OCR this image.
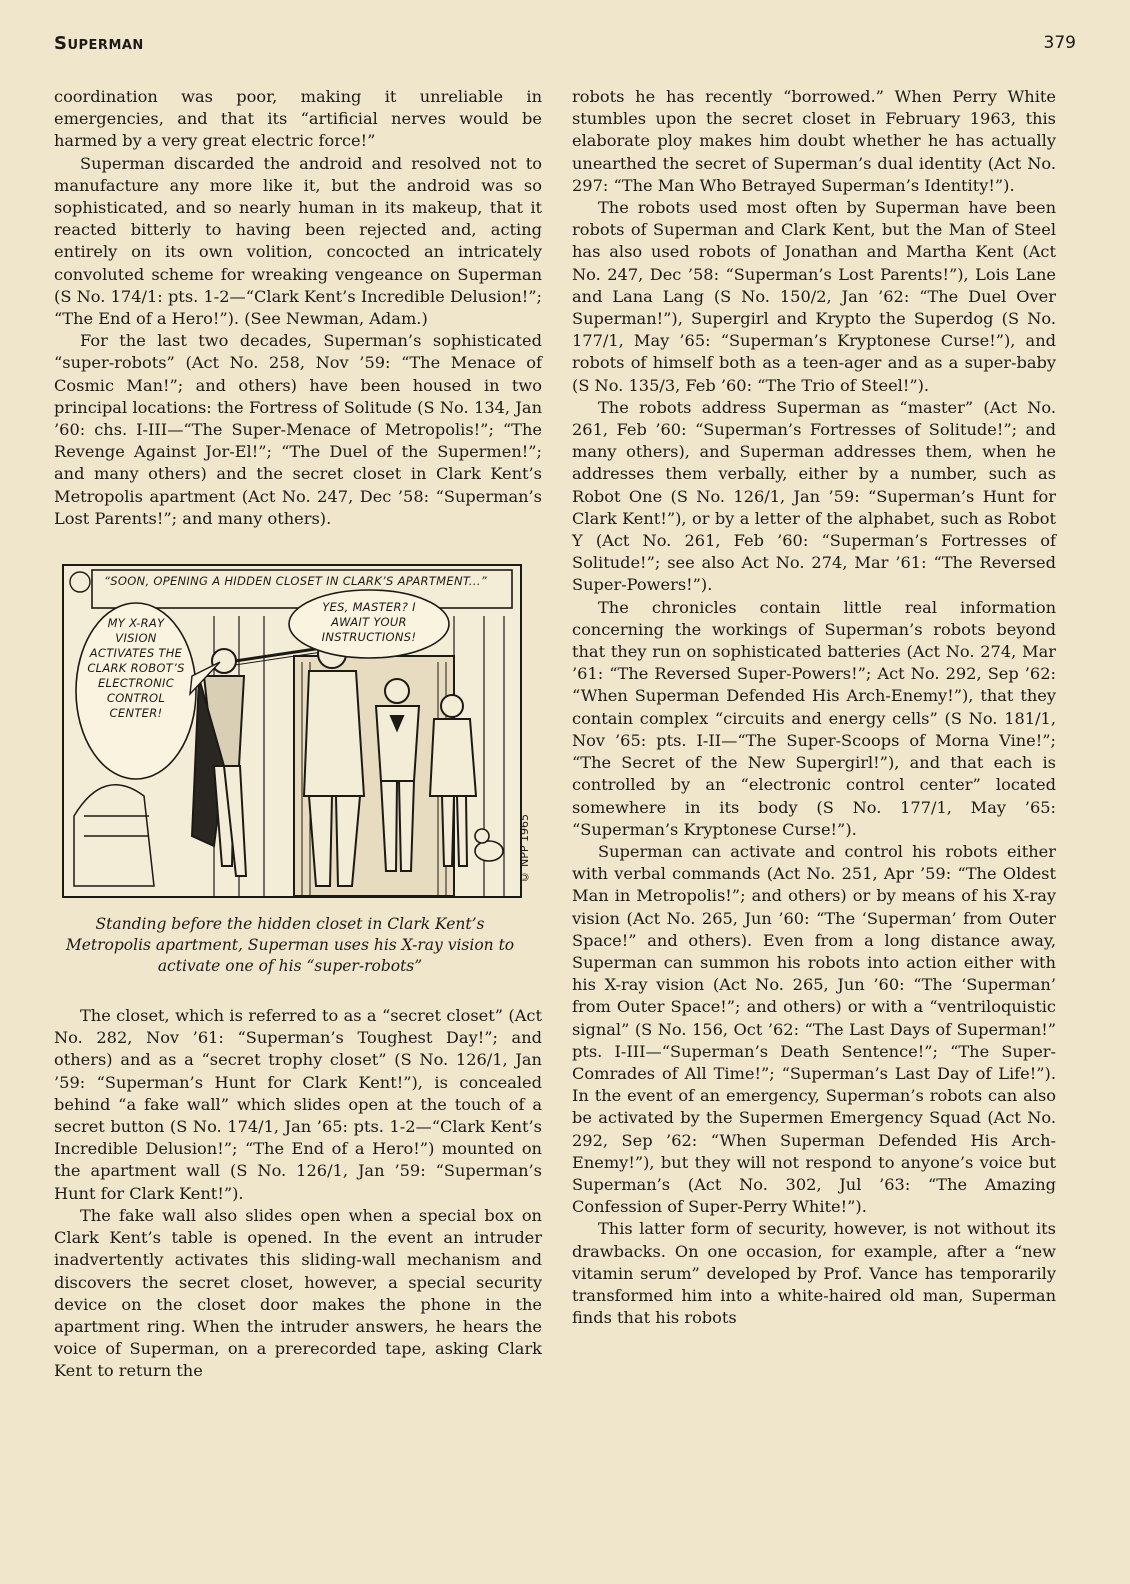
Superman	379

coordination was poor, making it unreliable in emergencies, and that its “artificial nerves would be harmed by a very great electric force!”

Superman discarded the android and resolved not to manufacture any more like it, but the android was so sophisticated, and so nearly human in its makeup, that it reacted bitterly to having been rejected and, acting entirely on its own volition, concocted an intricately convoluted scheme for wreaking vengeance on Superman (S No. 174/1: pts. 1-2—“Clark Kent’s Incredible Delusion!”; “The End of a Hero!”). (See Newman, Adam.)

For the last two decades, Superman’s sophisticated “super-robots” (Act No. 258, Nov ’59: “The Menace of Cosmic Man!”; and others) have been housed in two principal locations: the Fortress of Solitude (S No. 134, Jan ’60: chs. I-III—“The Super-Menace of Metropolis!”; “The Revenge Against Jor-El!”; “The Duel of the Supermen!”; and many others) and the secret closet in Clark Kent’s Metropolis apartment (Act No. 247, Dec ’58: “Superman’s Lost Parents!”; and many others).

“SOON, OPENING A HIDDEN CLOSET IN CLARK’S APARTMENT...”
MY X-RAY VISION ACTIVATES THE CLARK ROBOT’S ELECTRONIC CONTROL CENTER!
YES, MASTER? I AWAIT YOUR INSTRUCTIONS!
© NPP 1965
Standing before the hidden closet in Clark Kent’s Metropolis apartment, Superman uses his X-ray vision to activate one of his “super-robots”

The closet, which is referred to as a “secret closet” (Act No. 282, Nov ’61: “Superman’s Toughest Day!”; and others) and as a “secret trophy closet” (S No. 126/1, Jan ’59: “Superman’s Hunt for Clark Kent!”), is concealed behind “a fake wall” which slides open at the touch of a secret button (S No. 174/1, Jan ’65: pts. 1-2—“Clark Kent’s Incredible Delusion!”; “The End of a Hero!”) mounted on the apartment wall (S No. 126/1, Jan ’59: “Superman’s Hunt for Clark Kent!”).

The fake wall also slides open when a special box on Clark Kent’s table is opened. In the event an intruder inadvertently activates this sliding-wall mechanism and discovers the secret closet, however, a special security device on the closet door makes the phone in the apartment ring. When the intruder answers, he hears the voice of Superman, on a prerecorded tape, asking Clark Kent to return the

robots he has recently “borrowed.” When Perry White stumbles upon the secret closet in February 1963, this elaborate ploy makes him doubt whether he has actually unearthed the secret of Superman’s dual identity (Act No. 297: “The Man Who Betrayed Superman’s Identity!”).

The robots used most often by Superman have been robots of Superman and Clark Kent, but the Man of Steel has also used robots of Jonathan and Martha Kent (Act No. 247, Dec ’58: “Superman’s Lost Parents!”), Lois Lane and Lana Lang (S No. 150/2, Jan ’62: “The Duel Over Superman!”), Supergirl and Krypto the Superdog (S No. 177/1, May ’65: “Superman’s Kryptonese Curse!”), and robots of himself both as a teen-ager and as a super-baby (S No. 135/3, Feb ’60: “The Trio of Steel!”).

The robots address Superman as “master” (Act No. 261, Feb ’60: “Superman’s Fortresses of Solitude!”; and many others), and Superman addresses them, when he addresses them verbally, either by a number, such as Robot One (S No. 126/1, Jan ’59: “Superman’s Hunt for Clark Kent!”), or by a letter of the alphabet, such as Robot Y (Act No. 261, Feb ’60: “Superman’s Fortresses of Solitude!”; see also Act No. 274, Mar ’61: “The Reversed Super-Powers!”).

The chronicles contain little real information concerning the workings of Superman’s robots beyond that they run on sophisticated batteries (Act No. 274, Mar ’61: “The Reversed Super-Powers!”; Act No. 292, Sep ’62: “When Superman Defended His Arch-Enemy!”), that they contain complex “circuits and energy cells” (S No. 181/1, Nov ’65: pts. I-II—“The Super-Scoops of Morna Vine!”; “The Secret of the New Supergirl!”), and that each is controlled by an “electronic control center” located somewhere in its body (S No. 177/1, May ’65: “Superman’s Kryptonese Curse!”).

Superman can activate and control his robots either with verbal commands (Act No. 251, Apr ’59: “The Oldest Man in Metropolis!”; and others) or by means of his X-ray vision (Act No. 265, Jun ’60: “The ‘Superman’ from Outer Space!” and others). Even from a long distance away, Superman can summon his robots into action either with his X-ray vision (Act No. 265, Jun ’60: “The ‘Superman’ from Outer Space!”; and others) or with a “ventriloquistic signal” (S No. 156, Oct ’62: “The Last Days of Superman!” pts. I-III—“Superman’s Death Sentence!”; “The Super-Comrades of All Time!”; “Superman’s Last Day of Life!”). In the event of an emergency, Superman’s robots can also be activated by the Supermen Emergency Squad (Act No. 292, Sep ’62: “When Superman Defended His Arch-Enemy!”), but they will not respond to anyone’s voice but Superman’s (Act No. 302, Jul ’63: “The Amazing Confession of Super-Perry White!”).

This latter form of security, however, is not without its drawbacks. On one occasion, for example, after a “new vitamin serum” developed by Prof. Vance has temporarily transformed him into a white-haired old man, Superman finds that his robots
